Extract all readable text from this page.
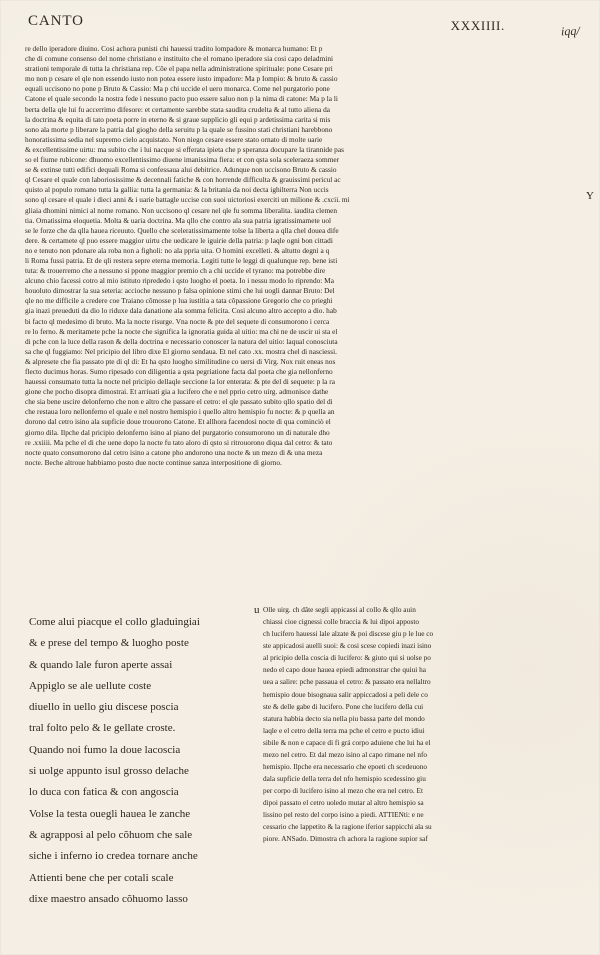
CANTO	XXXIIII.	iqq/
re dello iperadore diuino. Cosi achora punisti chi hauessi tradito lompadore & monarca humano: Et p
che di comune consenso del nome christiano e instituito che el romano iperadore sia cosi capo deladmini
strationi temporale di tutta la christiana rep. Cõe el papa nella administratione spirituale: pone Cesare pri
mo non p cesare el qle non essendo iusto non potea essere iusto impadore: Ma p Iompio: & bruto & cassio
equali uccisono no pone p Bruto & Cassio: Ma p chi uccide el uero monarca. Come nel purgatorio pone
Catone el quale secondo la nostra fede i nessuno pacto puo essere saluo non p la nima di catone: Ma p la li
berta della qle lui fu accerrimo difesore: et certamente sarebbe stata saudita crudelta & al tutto aliena da
la doctrina & equita di tato poeta porre in eterno & si graue supplicio gli equi p ardetissima carita si mis
sono ala morte p liberare la patria dal giogho della seruitu p la quale se fussino stati christiani harebbono
honoratissima sedia nel supremo cielo acquistato. Non niego cesare essere stato ornato di molte uarie
& excellentissime uirtu: ma subito che i lui nacque si efferata ipieta che p speranza docupare la tirannide pas
so el fiume rubicone: dhuomo excellentissimo diuene imanissima fiera: et con qsta sola sceleraeza sommer
se & extinse tutti edifici dequali Roma si confessaua alui debitrice. Adunque non uccisono Bruto & cassio
ql Cesare el quale con laboriosissime & decennali fatiche & con horrende difficulta & grauissimi pericul ac
quisto al populo romano tutta la gallia: tutta la germania: & la britania da noi decta ighilterra Non uccis
sono ql cesare el quale i dieci anni & i uarie battagle uccise con suoi uictoriosi exerciti un milione & .cxcii. mi
gliaia dhomini nimici al nome romano. Non uccisono ql cesare nel qle fu somma liberalita. iaudita clemen
tia. Ornatissima eloquetia. Molta & uaria doctrina. Ma qllo che contro ala sua patria igratissimamete uol
se le forze che da qlla hauea riceuuto. Quello che sceleratissimamente tolse la liberta a qlla chel douea dife
dere. & certamete ql puo essere maggior uirtu che uedicare le iguirie della patria: p laqle ogni bon cittadi
no e tenuto non pdonare ala roba non a figholi: no ala ppria uita. O homini excelleti. & altutto degni a q
li Roma fussi patria. Et de qli restera sepre eterna memoria. Legiti tutte le leggi di qualunque rep. bene isti
tuta: & trouerremo che a nessuno si ppone maggior premio ch a chi uccide el tyrano: ma potrebbe dire
alcuno chio facessi cotro al mio istituto riprededo i qsto luogho el poeta. Io i nessu modo lo riprendo: Ma
houoluto dimostrar la sua seteria: accioche nessuno p falsa opinione stimi che lui uogli dannar Bruto: Del
qle no me difficile a credere coe Traiano cõmosse p lua iustitia a tata cõpassione Gregorio che co prieghi
gia inazi preueduti da dio lo riduxe dala danatione ala somma felicita. Cosi alcuno altro accepto a dio. hab
bi facto ql medesimo di bruto. Ma la nocte risurge. Vna nocte & pte del sequete di consumorono i cerca
re lo ferno. & meritamete pche la nocte che significa la ignoratia guida al uitio: ma chi ne de uscir ui sta el
di pche con la luce della rason & della doctrina e necessario conoscer la natura del uitio: laqual conosciuta
sa che ql fuggiamo: Nel pricipio del libro dixe El giorno sendaua. Et nel cato .xx. mostra chel di nasciessi.
& alpresete che fia passato pte di ql di: Et ha qsto luogho similitudine co uersi di Virg. Nox ruit eneas nos
flecto ducimus horas. Sumo ripesado con diligentia a qsta pegriatione facta dal poeta che gia nellonferno
hauessi consumato tutta la nocte nel pricipio dellaqle seccione la lor enterata: & pte del di sequete: p la ra
gione che pocho disopra dimostrai. Et arriuati gia a lucifero che e nel pprio cetro uirg. admonisce dathe
che sia bene uscire delonferno che non e altro che passare el cetro: el qle passato subito qllo spatio del di
che restaua loro nellonferno el quale e nel nostro hemispio i quello altro hemispio fu nocte: & p quella an
dorono dal cetro isino ala supficie doue trouorono Catone. Et allhora facendosi nocte di qua cominciò el
giorno dila. Ilpche dal pricipio delonferno isino al piano del purgatorio consumorono un di naturale dho
re .xxiiii. Ma pche el di che uene dopo la nocte fu tato aloro di qsto si ritrouorono diqua dal cetro: & tato
nocte quato consumorono dal cetro isino a catone pho andorono una nocte & un mezo di & una meza
nocte. Beche altroue habbiamo posto due nocte continue sanza interpositione di giorno.
Y
Come alui piacque el collo gladuingiai
& e prese del tempo & luogho poste
& quando lale furon aperte assai
Appiglo se ale uellute coste
diuello in uello giu discese poscia
tral folto pelo & le gellate croste.
Quando noi fumo la doue lacoscia
si uolge appunto isul grosso delache
lo duca con fatica & con angoscia
Volse la testa ouegli hauea le zanche
& agrapposi al pelo cõhuom che sale
siche i inferno io credea tornare anche
Attienti bene che per cotali scale
dixe maestro ansado cõhuomo lasso
u Olle uirg. ch dãte segli appicassi al collo & qllo auin
chiassi cioe cignessi colle braccia & lui dipoi apposto
ch lucifero hauessi lale alzate & poi discese giu p le lue co
ste appicadosi auelli suoi: & cosi scese copiedi inazi isino
al pricipio della coscia di lucifero: & giuto qui si uolse po
nedo el capo doue hauea epiedi admonstrar che quiui ha
uea a salire: pche passaua el cetro: & passato era nellaltro
hemispio doue bisognaua salir appiccadosi a peli dele co
ste & delle gabe di lucifero. Pone che lucifero della cui
statura habbia decto sia nella piu bassa parte del mondo
laqle e el cetro della terra ma pche el cetro e pucto idiui
sibile & non e capace di fi grá corpo aduiene che lui ha el
mezo nel cetro. Et dal mezo isino al capo rimane nel nfo
hemispio. Ilpche era necessario che epoeti ch scedeuono
dala supficie della terra del nfo hemispio scedessino giu
per corpo di lucifero isino al mezo che era nel cetro. Et
dipoi passato el cetro uoledo mutar al altro hemispio sa
lissino pel resto del corpo isino a piedi. ATTIENti: e ne
cessario che lappetito & la ragione iferior sappicchi ala su
piore. ANSado. Dimostra ch achora la ragione supior saf
